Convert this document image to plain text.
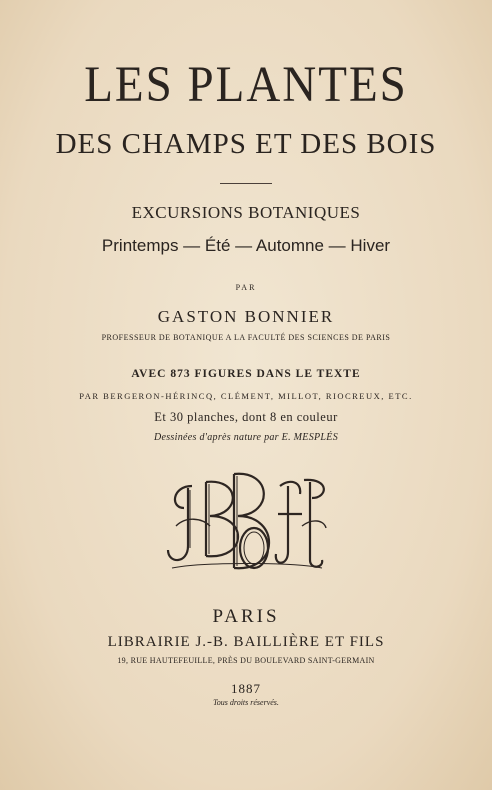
LES PLANTES
DES CHAMPS ET DES BOIS
EXCURSIONS BOTANIQUES
Printemps — Été — Automne — Hiver
PAR
GASTON BONNIER
PROFESSEUR DE BOTANIQUE A LA FACULTÉ DES SCIENCES DE PARIS
AVEC 873 FIGURES DANS LE TEXTE
PAR BERGERON-HÉRINCQ, CLÉMENT, MILLOT, RIOCREUX, ETC.
Et 30 planches, dont 8 en couleur
Dessinées d'après nature par E. MESPLÉS
PARIS
LIBRAIRIE J.-B. BAILLIÈRE ET FILS
19, RUE HAUTEFEUILLE, PRÈS DU BOULEVARD SAINT-GERMAIN
1887
Tous droits réservés.
